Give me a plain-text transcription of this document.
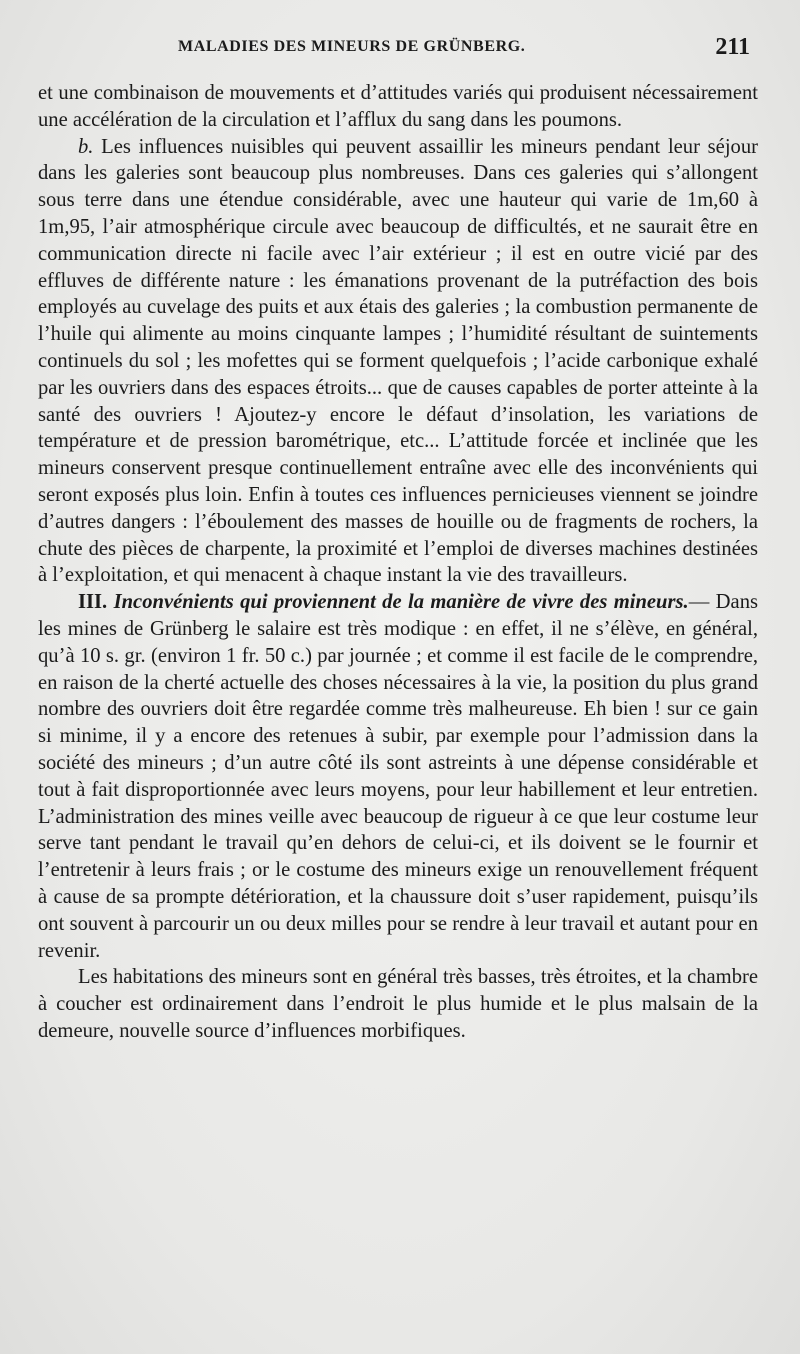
MALADIES DES MINEURS DE GRÜNBERG.	211

et une combinaison de mouvements et d’attitudes variés qui produisent nécessairement une accélération de la circulation et l’afflux du sang dans les poumons.

b. Les influences nuisibles qui peuvent assaillir les mineurs pendant leur séjour dans les galeries sont beaucoup plus nombreuses. Dans ces galeries qui s’allongent sous terre dans une étendue considérable, avec une hauteur qui varie de 1m,60 à 1m,95, l’air atmosphérique circule avec beaucoup de difficultés, et ne saurait être en communication directe ni facile avec l’air extérieur ; il est en outre vicié par des effluves de différente nature : les émanations provenant de la putréfaction des bois employés au cuvelage des puits et aux étais des galeries ; la combustion permanente de l’huile qui alimente au moins cinquante lampes ; l’humidité résultant de suintements continuels du sol ; les mofettes qui se forment quelquefois ; l’acide carbonique exhalé par les ouvriers dans des espaces étroits... que de causes capables de porter atteinte à la santé des ouvriers ! Ajoutez-y encore le défaut d’insolation, les variations de température et de pression barométrique, etc... L’attitude forcée et inclinée que les mineurs conservent presque continuellement entraîne avec elle des inconvénients qui seront exposés plus loin. Enfin à toutes ces influences pernicieuses viennent se joindre d’autres dangers : l’éboulement des masses de houille ou de fragments de rochers, la chute des pièces de charpente, la proximité et l’emploi de diverses machines destinées à l’exploitation, et qui menacent à chaque instant la vie des travailleurs.

III. Inconvénients qui proviennent de la manière de vivre des mineurs.— Dans les mines de Grünberg le salaire est très modique : en effet, il ne s’élève, en général, qu’à 10 s. gr. (environ 1 fr. 50 c.) par journée ; et comme il est facile de le comprendre, en raison de la cherté actuelle des choses nécessaires à la vie, la position du plus grand nombre des ouvriers doit être regardée comme très malheureuse. Eh bien ! sur ce gain si minime, il y a encore des retenues à subir, par exemple pour l’admission dans la société des mineurs ; d’un autre côté ils sont astreints à une dépense considérable et tout à fait disproportionnée avec leurs moyens, pour leur habillement et leur entretien. L’administration des mines veille avec beaucoup de rigueur à ce que leur costume leur serve tant pendant le travail qu’en dehors de celui-ci, et ils doivent se le fournir et l’entretenir à leurs frais ; or le costume des mineurs exige un renouvellement fréquent à cause de sa prompte détérioration, et la chaussure doit s’user rapidement, puisqu’ils ont souvent à parcourir un ou deux milles pour se rendre à leur travail et autant pour en revenir.

Les habitations des mineurs sont en général très basses, très étroites, et la chambre à coucher est ordinairement dans l’endroit le plus humide et le plus malsain de la demeure, nouvelle source d’influences morbifiques.
